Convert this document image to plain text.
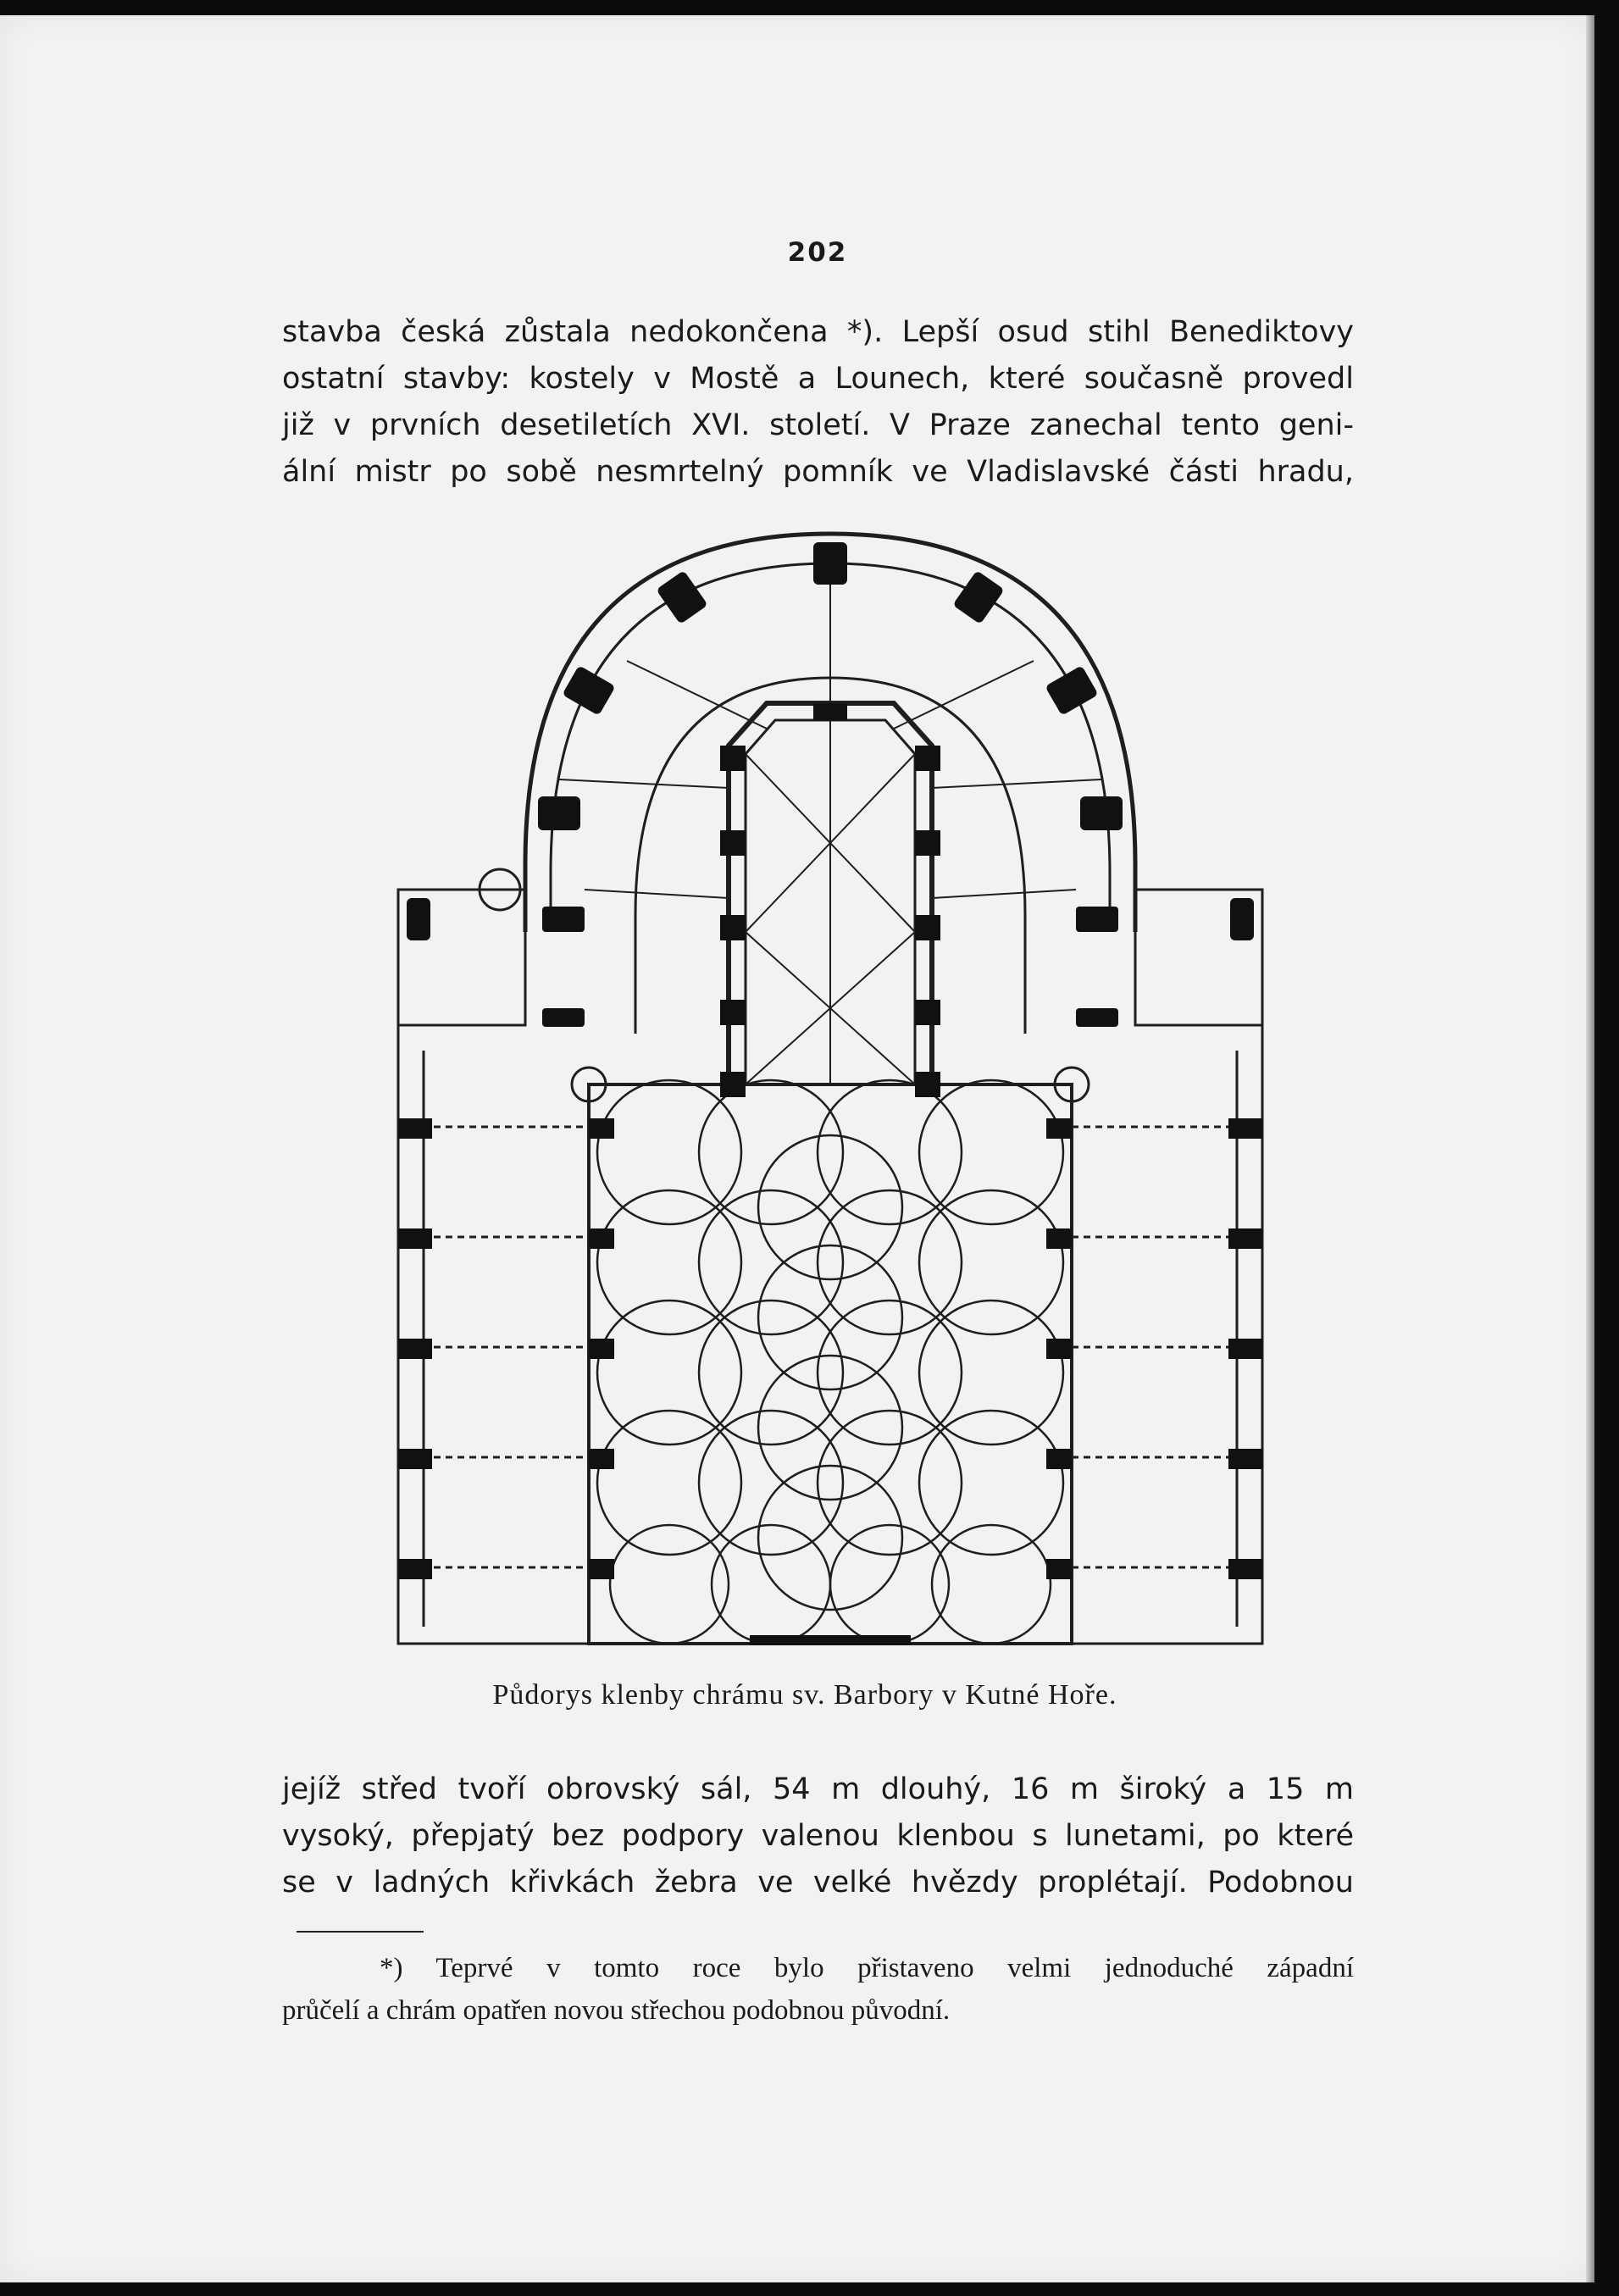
202
stavba česká zůstala nedokončena *). Lepší osud stihl Benediktovy
ostatní stavby: kostely v Mostě a Lounech, které současně provedl
již v prvních desetiletích XVI. století. V Praze zanechal tento geni-
ální mistr po sobě nesmrtelný pomník ve Vladislavské části hradu,
Půdorys klenby chrámu sv. Barbory v Kutné Hoře.
jejíž střed tvoří obrovský sál, 54 m dlouhý, 16 m široký a 15 m
vysoký, přepjatý bez podpory valenou klenbou s lunetami, po které
se v ladných křivkách žebra ve velké hvězdy proplétají. Podobnou
*) Teprvé v tomto roce bylo přistaveno velmi jednoduché západní
průčelí a chrám opatřen novou střechou podobnou původní.
